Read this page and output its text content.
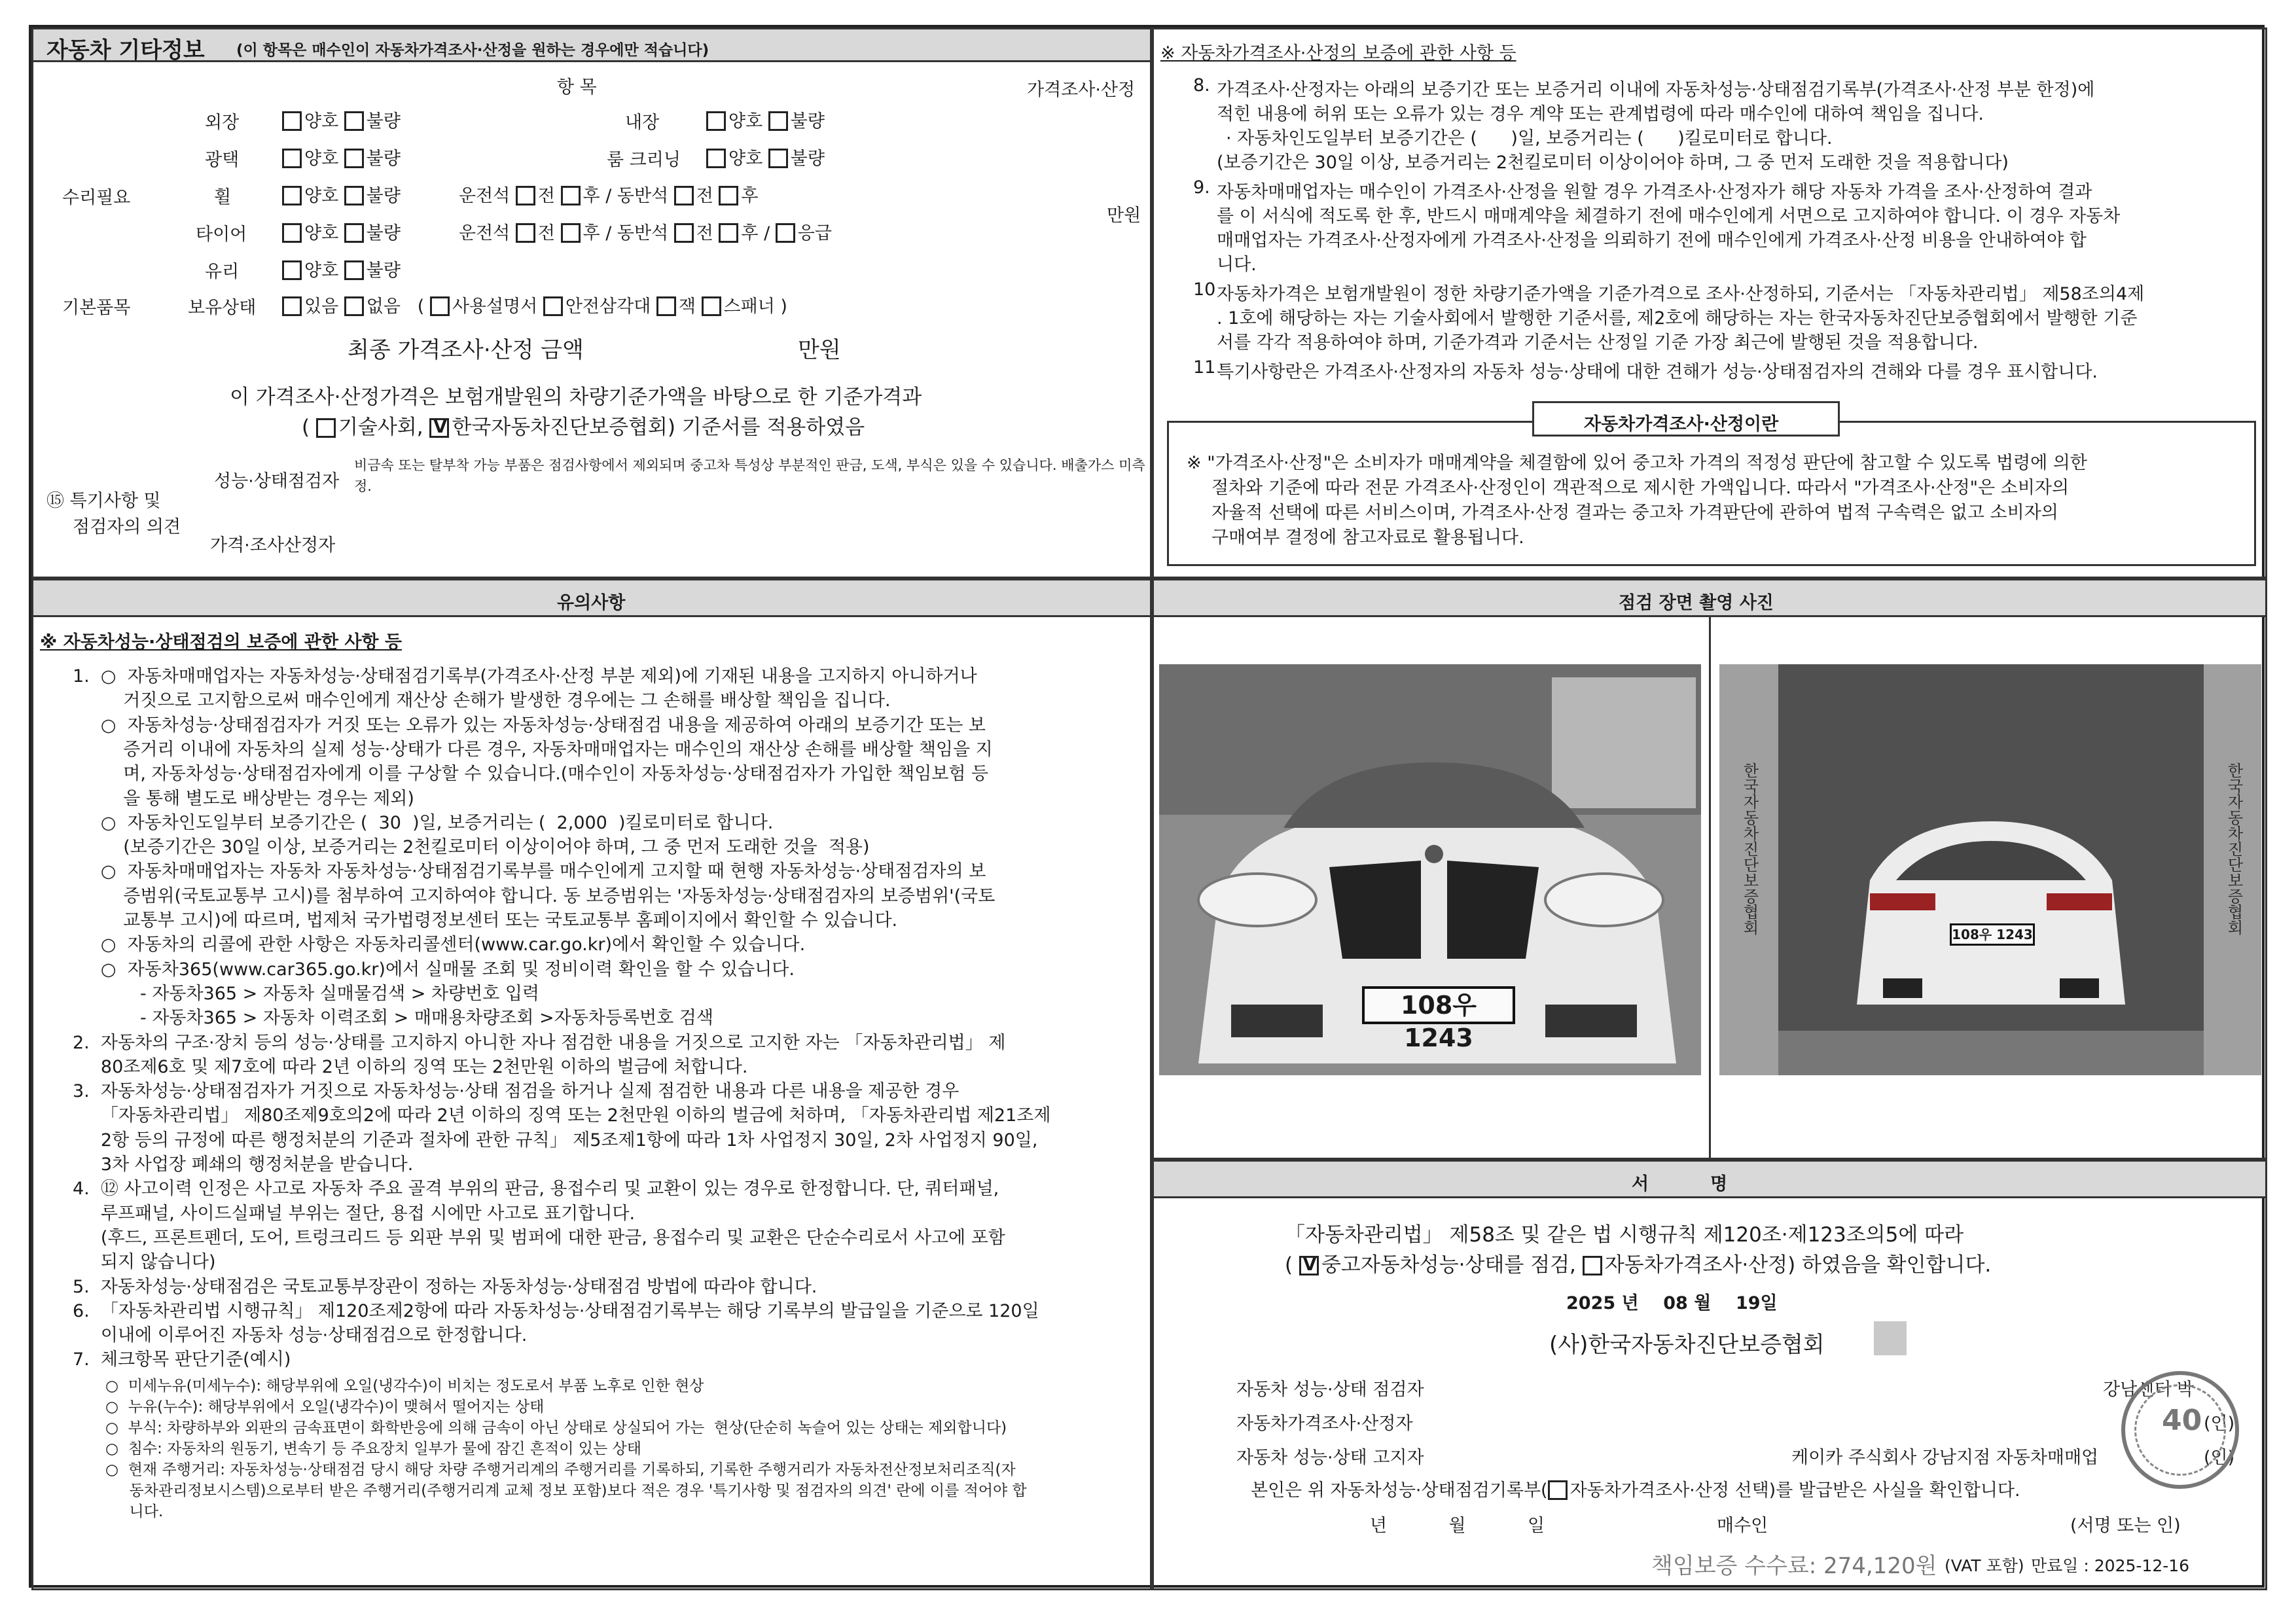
자동차 기타정보 (이 항목은 매수인이 자동차가격조사·산정을 원하는 경우에만 적습니다)
항 목	가격조사·산정
수리필요
외장	양호 불량	내장	양호 불량
광택	양호 불량	룸 크리닝	양호 불량
휠	양호 불량	운전석 전 후 / 동반석 전 후
타이어	양호 불량	운전석 전 후 / 동반석 전 후 / 응급
만원
유리	양호 불량
기본품목	보유상태	있음 없음 ( 사용설명서 안전삼각대 잭 스패너 )
최종 가격조사·산정 금액	만원
이 가격조사·산정가격은 보험개발원의 차량기준가액을 바탕으로 한 기준가격과
( 기술사회, V 한국자동차진단보증협회) 기준서를 적용하였음
⑮ 특기사항 및
점검자의 의견
성능·상태점검자
비금속 또는 탈부착 가능 부품은 점검사항에서 제외되며 중고차 특성상 부분적인 판금, 도색, 부식은 있을 수 있습니다. 배출가스 미측정.
가격·조사산정자
※ 자동차가격조사·산정의 보증에 관한 사항 등
8. 가격조사·산정자는 아래의 보증기간 또는 보증거리 이내에 자동차성능·상태점검기록부(가격조사·산정 부분 한정)에
적힌 내용에 허위 또는 오류가 있는 경우 계약 또는 관계법령에 따라 매수인에 대하여 책임을 집니다.
· 자동차인도일부터 보증기간은 (      )일, 보증거리는 (      )킬로미터로 합니다.
(보증기간은 30일 이상, 보증거리는 2천킬로미터 이상이어야 하며, 그 중 먼저 도래한 것을 적용합니다)
9. 자동차매매업자는 매수인이 가격조사·산정을 원할 경우 가격조사·산정자가 해당 자동차 가격을 조사·산정하여 결과
를 이 서식에 적도록 한 후, 반드시 매매계약을 체결하기 전에 매수인에게 서면으로 고지하여야 합니다. 이 경우 자동차
매매업자는 가격조사·산정자에게 가격조사·산정을 의뢰하기 전에 매수인에게 가격조사·산정 비용을 안내하여야 합
니다.
10 자동차가격은 보험개발원이 정한 차량기준가액을 기준가격으로 조사·산정하되, 기준서는 「자동차관리법」 제58조의4제
. 1호에 해당하는 자는 기술사회에서 발행한 기준서를, 제2호에 해당하는 자는 한국자동차진단보증협회에서 발행한 기준
서를 각각 적용하여야 하며, 기준가격과 기준서는 산정일 기준 가장 최근에 발행된 것을 적용합니다.
11 특기사항란은 가격조사·산정자의 자동차 성능·상태에 대한 견해가 성능·상태점검자의 견해와 다를 경우 표시합니다.
자동차가격조사·산정이란
※ "가격조사·산정"은 소비자가 매매계약을 체결함에 있어 중고차 가격의 적정성 판단에 참고할 수 있도록 법령에 의한
절차와 기준에 따라 전문 가격조사·산정인이 객관적으로 제시한 가액입니다. 따라서 "가격조사·산정"은 소비자의
자율적 선택에 따른 서비스이며, 가격조사·산정 결과는 중고차 가격판단에 관하여 법적 구속력은 없고 소비자의
구매여부 결정에 참고자료로 활용됩니다.
유의사항
※ 자동차성능·상태점검의 보증에 관한 사항 등
1.  ○  자동차매매업자는 자동차성능·상태점검기록부(가격조사·산정 부분 제외)에 기재된 내용을 고지하지 아니하거나
거짓으로 고지함으로써 매수인에게 재산상 손해가 발생한 경우에는 그 손해를 배상할 책임을 집니다.
○  자동차성능·상태점검자가 거짓 또는 오류가 있는 자동차성능·상태점검 내용을 제공하여 아래의 보증기간 또는 보
증거리 이내에 자동차의 실제 성능·상태가 다른 경우, 자동차매매업자는 매수인의 재산상 손해를 배상할 책임을 지
며, 자동차성능·상태점검자에게 이를 구상할 수 있습니다.(매수인이 자동차성능·상태점검자가 가입한 책임보험 등
을 통해 별도로 배상받는 경우는 제외)
○  자동차인도일부터 보증기간은 (  30  )일, 보증거리는 (  2,000  )킬로미터로 합니다.
(보증기간은 30일 이상, 보증거리는 2천킬로미터 이상이어야 하며, 그 중 먼저 도래한 것을  적용)
○  자동차매매업자는 자동차 자동차성능·상태점검기록부를 매수인에게 고지할 때 현행 자동차성능·상태점검자의 보
증범위(국토교통부 고시)를 첨부하여 고지하여야 합니다. 동 보증범위는 '자동차성능·상태점검자의 보증범위'(국토
교통부 고시)에 따르며, 법제처 국가법령정보센터 또는 국토교통부 홈페이지에서 확인할 수 있습니다.
○  자동차의 리콜에 관한 사항은 자동차리콜센터(www.car.go.kr)에서 확인할 수 있습니다.
○  자동차365(www.car365.go.kr)에서 실매물 조회 및 정비이력 확인을 할 수 있습니다.
- 자동차365 > 자동차 실매물검색 > 차량번호 입력
- 자동차365 > 자동차 이력조회 > 매매용차량조회 >자동차등록번호 검색
2.  자동차의 구조·장치 등의 성능·상태를 고지하지 아니한 자나 점검한 내용을 거짓으로 고지한 자는 「자동차관리법」 제
80조제6호 및 제7호에 따라 2년 이하의 징역 또는 2천만원 이하의 벌금에 처합니다.
3.  자동차성능·상태점검자가 거짓으로 자동차성능·상태 점검을 하거나 실제 점검한 내용과 다른 내용을 제공한 경우
「자동차관리법」 제80조제9호의2에 따라 2년 이하의 징역 또는 2천만원 이하의 벌금에 처하며, 「자동차관리법 제21조제
2항 등의 규정에 따른 행정처분의 기준과 절차에 관한 규칙」 제5조제1항에 따라 1차 사업정지 30일, 2차 사업정지 90일,
3차 사업장 폐쇄의 행정처분을 받습니다.
4.  ⑫ 사고이력 인정은 사고로 자동차 주요 골격 부위의 판금, 용접수리 및 교환이 있는 경우로 한정합니다. 단, 쿼터패널,
루프패널, 사이드실패널 부위는 절단, 용접 시에만 사고로 표기합니다.
(후드, 프론트펜더, 도어, 트렁크리드 등 외판 부위 및 범퍼에 대한 판금, 용접수리 및 교환은 단순수리로서 사고에 포함
되지 않습니다)
5.  자동차성능·상태점검은 국토교통부장관이 정하는 자동차성능·상태점검 방법에 따라야 합니다.
6.  「자동차관리법 시행규칙」 제120조제2항에 따라 자동차성능·상태점검기록부는 해당 기록부의 발급일을 기준으로 120일
이내에 이루어진 자동차 성능·상태점검으로 한정합니다.
7.  체크항목 판단기준(예시)
○  미세누유(미세누수): 해당부위에 오일(냉각수)이 비치는 정도로서 부품 노후로 인한 현상
○  누유(누수): 해당부위에서 오일(냉각수)이 맺혀서 떨어지는 상태
○  부식: 차량하부와 외판의 금속표면이 화학반응에 의해 금속이 아닌 상태로 상실되어 가는  현상(단순히 녹슬어 있는 상태는 제외합니다)
○  침수: 자동차의 원동기, 변속기 등 주요장치 일부가 물에 잠긴 흔적이 있는 상태
○  현재 주행거리: 자동차성능·상태점검 당시 해당 차량 주행거리계의 주행거리를 기록하되, 기록한 주행거리가 자동차전산정보처리조직(자
동차관리정보시스템)으로부터 받은 주행거리(주행거리계 교체 정보 포함)보다 적은 경우 '특기사항 및 점검자의 의견' 란에 이를 적어야 합
니다.
점검 장면 촬영 사진
108우 1243
108우 1243
한국자동차진단보증협회	한국자동차진단보증협회
서          명
「자동차관리법」 제58조 및 같은 법 시행규칙 제120조·제123조의5에 따라
( V중고자동차성능·상태를 점검, 자동차가격조사·산정) 하였음을 확인합니다.
2025 년 08 월 19일
(사)한국자동차진단보증협회
자동차 성능·상태 점검자	강남센터 박
자동차가격조사·산정자	(인)
자동차 성능·상태 고지자	케이카 주식회사 강남지점 자동차매매업	(인)
본인은 위 자동차성능·상태점검기록부( 자동차가격조사·산정 선택)를 발급받은 사실을 확인합니다.
년	월	일	매수인	(서명 또는 인)
책임보증 수수료: 274,120원 (VAT 포함) 만료일 : 2025-12-16
40
